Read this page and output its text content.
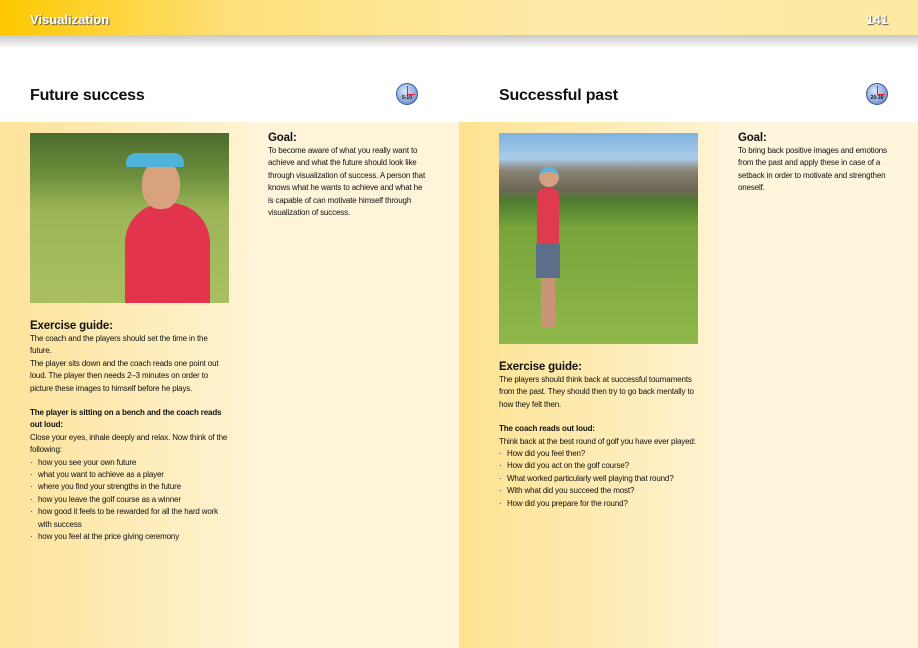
Visualization	141
Future success	5-10	Successful past	20-30
Goal:
To become aware of what you really want to achieve and what the future should look like through visualization of success. A person that knows what he wants to achieve and what he is capable of can motivate himself through visualization of success.
Goal:
To bring back positive images and emotions from the past and apply these in case of a setback in order to motivate and strengthen oneself.
Exercise guide:
The coach and the players should set the time in the future.
The player sits down and the coach reads one point out loud. The player then needs 2–3 minutes on order to picture these images to himself before he plays.
The player is sitting on a bench and the coach reads out loud:
Close your eyes, inhale deeply and relax. Now think of the following:
· how you see your own future
· what you want to achieve as a player
· where you find your strengths in the future
· how you leave the golf course as a winner
· how good it feels to be rewarded for all the hard work with success
· how you feel at the price giving ceremony
Exercise guide:
The players should think back at successful tournaments from the past. They should then try to go back mentally to how they felt then.
The coach reads out loud:
Think back at the best round of golf you have ever played:
· How did you feel then?
· How did you act on the golf course?
· What worked particularly well playing that round?
· With what did you succeed the most?
· How did you prepare for the round?
